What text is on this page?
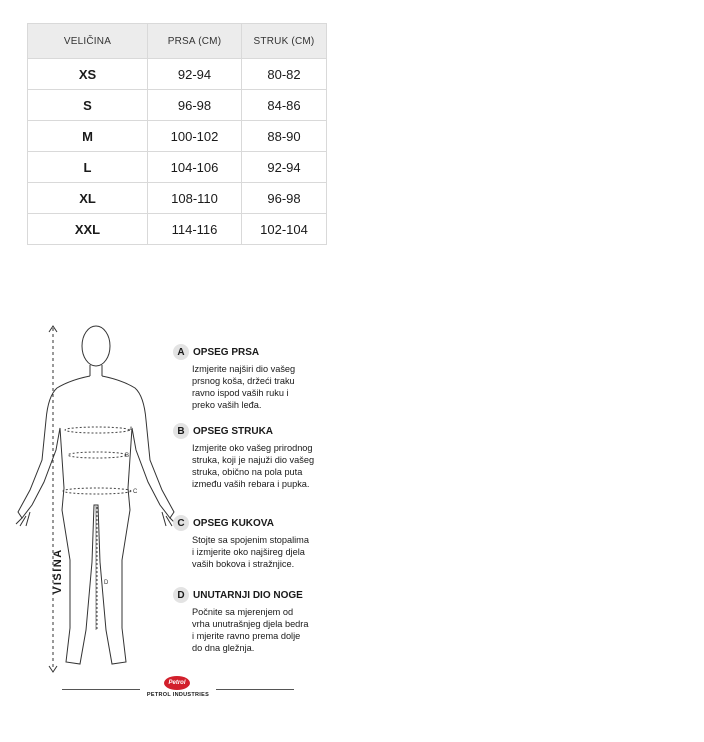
VELIČINA	PRSA (CM)	STRUK (CM)
XS	92-94	80-82
S	96-98	84-86
M	100-102	88-90
L	104-106	92-94
XL	108-110	96-98
XXL	114-116	102-104
A
B
C
D
VISINA
A OPSEG PRSA
Izmjerite najširi dio vašeg
prsnog koša, držeći traku
ravno ispod vaših ruku i
preko vaših leđa.
B OPSEG STRUKA
Izmjerite oko vašeg prirodnog
struka, koji je najuži dio vašeg
struka, obično na pola puta
između vaših rebara i pupka.
C OPSEG KUKOVA
Stojte sa spojenim stopalima
i izmjerite oko najšireg djela
vaših bokova i stražnjice.
D UNUTARNJI DIO NOGE
Počnite sa mjerenjem od
vrha unutrašnjeg djela bedra
i mjerite ravno prema dolje
do dna gležnja.
Petrol
PETROL INDUSTRIES
